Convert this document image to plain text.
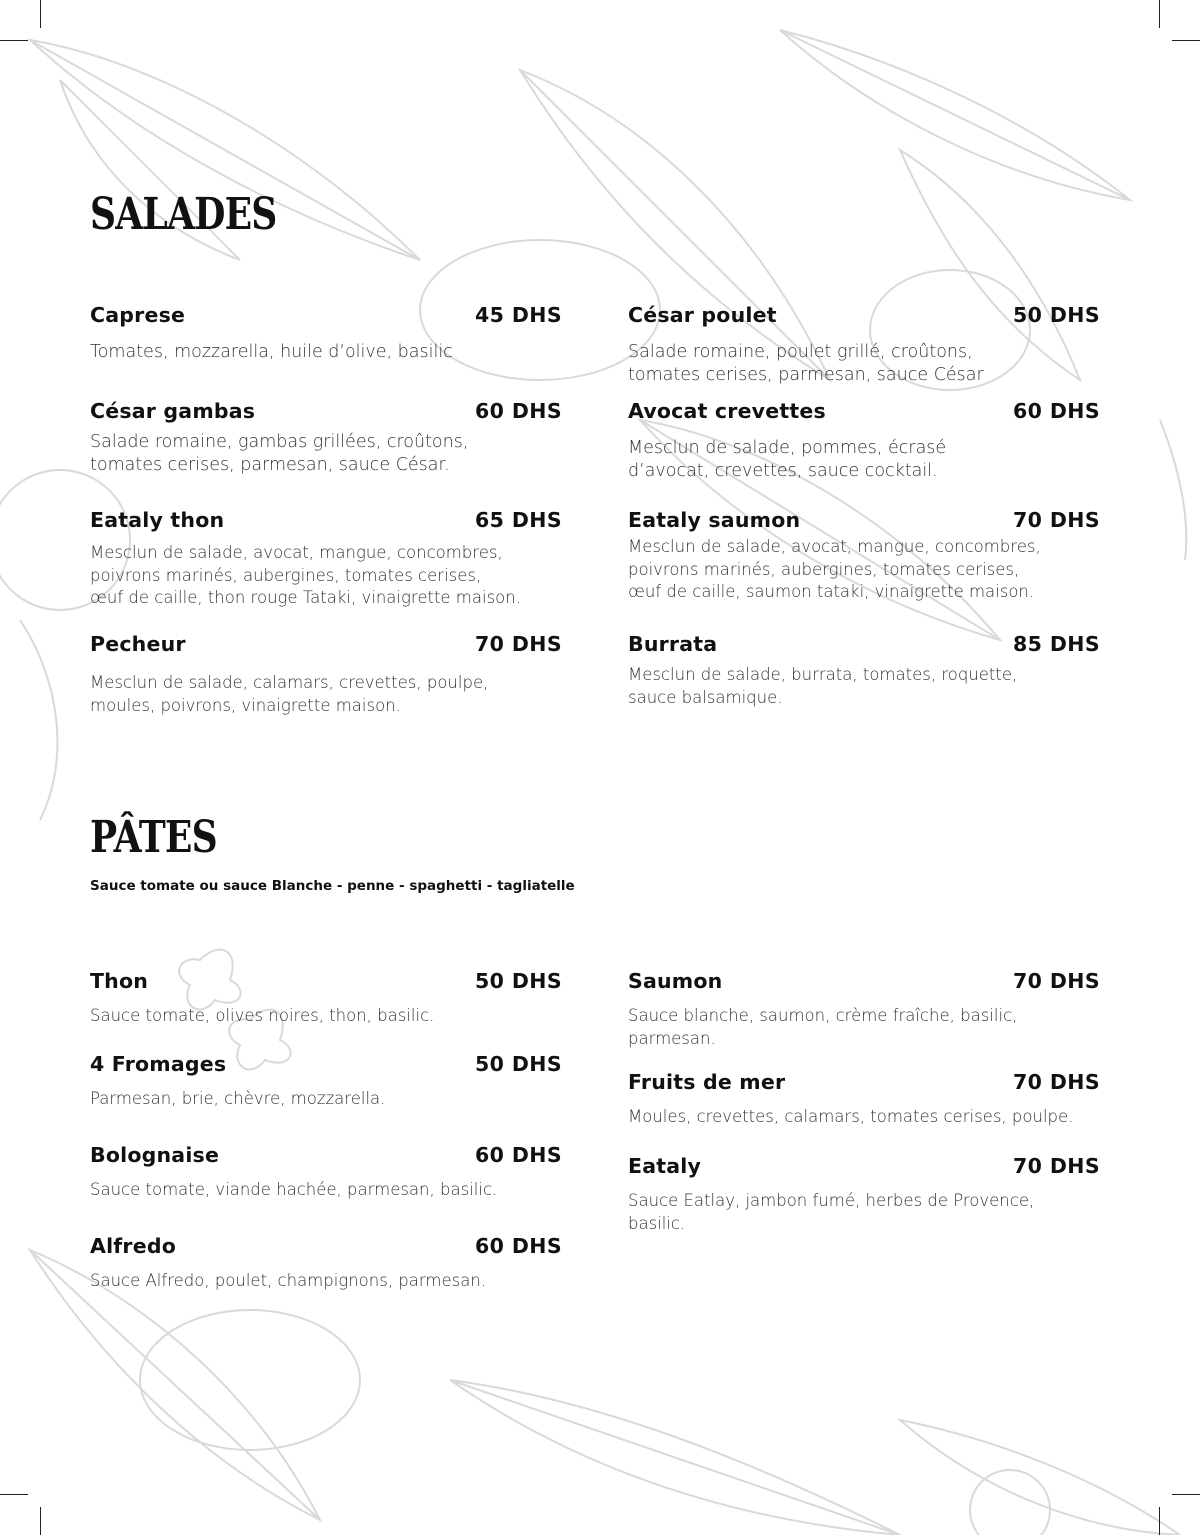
SALADES
Caprese	45 DHS
Tomates, mozzarella, huile d’olive, basilic
César poulet	50 DHS
Salade romaine, poulet grillé, croûtons,
tomates cerises, parmesan, sauce César
César gambas	60 DHS
Salade romaine, gambas grillées, croûtons,
tomates cerises, parmesan, sauce César.
Avocat crevettes	60 DHS
Mesclun de salade, pommes, écrasé
d’avocat, crevettes, sauce cocktail.
Eataly thon	65 DHS
Mesclun de salade, avocat, mangue, concombres,
poivrons marinés, aubergines, tomates cerises,
œuf de caille, thon rouge Tataki, vinaigrette maison.
Eataly saumon	70 DHS
Mesclun de salade, avocat, mangue, concombres,
poivrons marinés, aubergines, tomates cerises,
œuf de caille, saumon tataki, vinaigrette maison.
Pecheur	70 DHS
Mesclun de salade, calamars, crevettes, poulpe,
moules, poivrons, vinaigrette maison.
Burrata	85 DHS
Mesclun de salade, burrata, tomates, roquette,
sauce balsamique.
PÂTES
Sauce tomate ou sauce Blanche - penne - spaghetti - tagliatelle
Thon	50 DHS
Sauce tomate, olives noires, thon, basilic.
Saumon	70 DHS
Sauce blanche, saumon, crème fraîche, basilic,
parmesan.
4 Fromages	50 DHS
Parmesan, brie, chèvre, mozzarella.
Fruits de mer	70 DHS
Moules, crevettes, calamars, tomates cerises, poulpe.
Bolognaise	60 DHS
Sauce tomate, viande hachée, parmesan, basilic.
Eataly	70 DHS
Sauce Eatlay, jambon fumé, herbes de Provence,
basilic.
Alfredo	60 DHS
Sauce Alfredo, poulet, champignons, parmesan.
